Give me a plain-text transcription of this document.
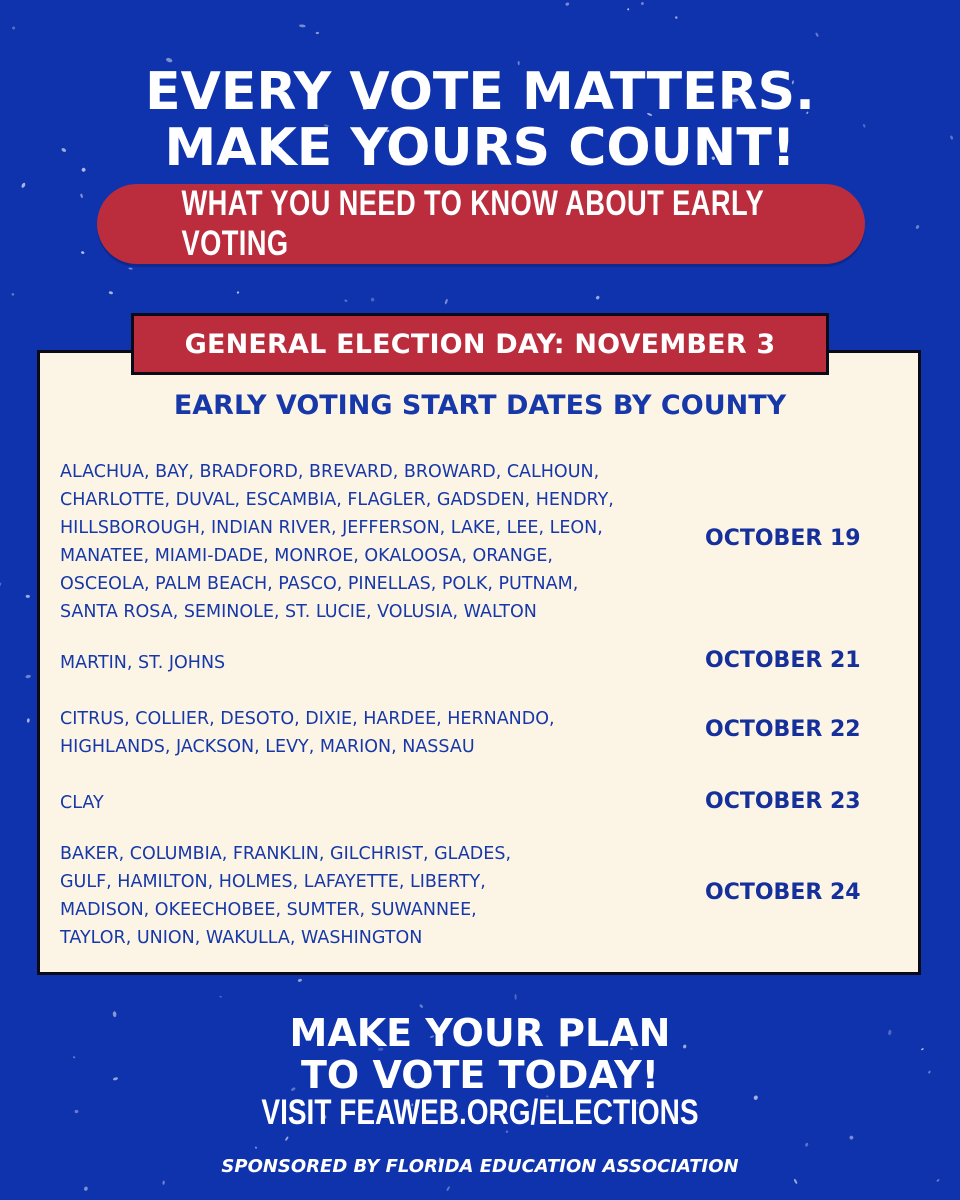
EVERY VOTE MATTERS.
MAKE YOURS COUNT!
WHAT YOU NEED TO KNOW ABOUT EARLY VOTING
GENERAL ELECTION DAY: NOVEMBER 3
EARLY VOTING START DATES BY COUNTY
ALACHUA, BAY, BRADFORD, BREVARD, BROWARD, CALHOUN,
CHARLOTTE, DUVAL, ESCAMBIA, FLAGLER, GADSDEN, HENDRY,
HILLSBOROUGH, INDIAN RIVER, JEFFERSON, LAKE, LEE, LEON,
MANATEE, MIAMI-DADE, MONROE, OKALOOSA, ORANGE,
OSCEOLA, PALM BEACH, PASCO, PINELLAS, POLK, PUTNAM,
SANTA ROSA, SEMINOLE, ST. LUCIE, VOLUSIA, WALTON
OCTOBER 19
MARTIN, ST. JOHNS	OCTOBER 21
CITRUS, COLLIER, DESOTO, DIXIE, HARDEE, HERNANDO,
HIGHLANDS, JACKSON, LEVY, MARION, NASSAU
OCTOBER 22
CLAY	OCTOBER 23
BAKER, COLUMBIA, FRANKLIN, GILCHRIST, GLADES,
GULF, HAMILTON, HOLMES, LAFAYETTE, LIBERTY,
MADISON, OKEECHOBEE, SUMTER, SUWANNEE,
TAYLOR, UNION, WAKULLA, WASHINGTON
OCTOBER 24
MAKE YOUR PLAN
TO VOTE TODAY!
VISIT FEAWEB.ORG/ELECTIONS
SPONSORED BY FLORIDA EDUCATION ASSOCIATION
